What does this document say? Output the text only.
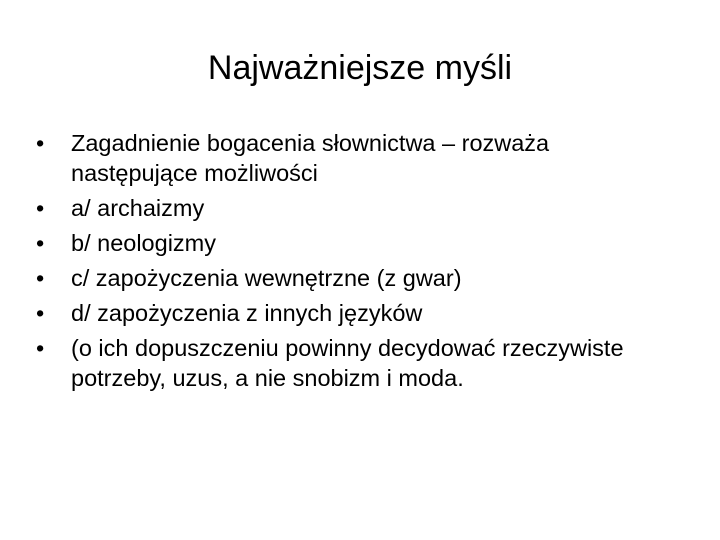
Najważniejsze myśli
•	Zagadnienie bogacenia słownictwa – rozważa następujące możliwości
•	a/ archaizmy
•	b/ neologizmy
•	c/ zapożyczenia wewnętrzne (z gwar)
•	d/ zapożyczenia z innych języków
•	(o ich dopuszczeniu powinny decydować rzeczywiste potrzeby, uzus, a nie snobizm i moda.
